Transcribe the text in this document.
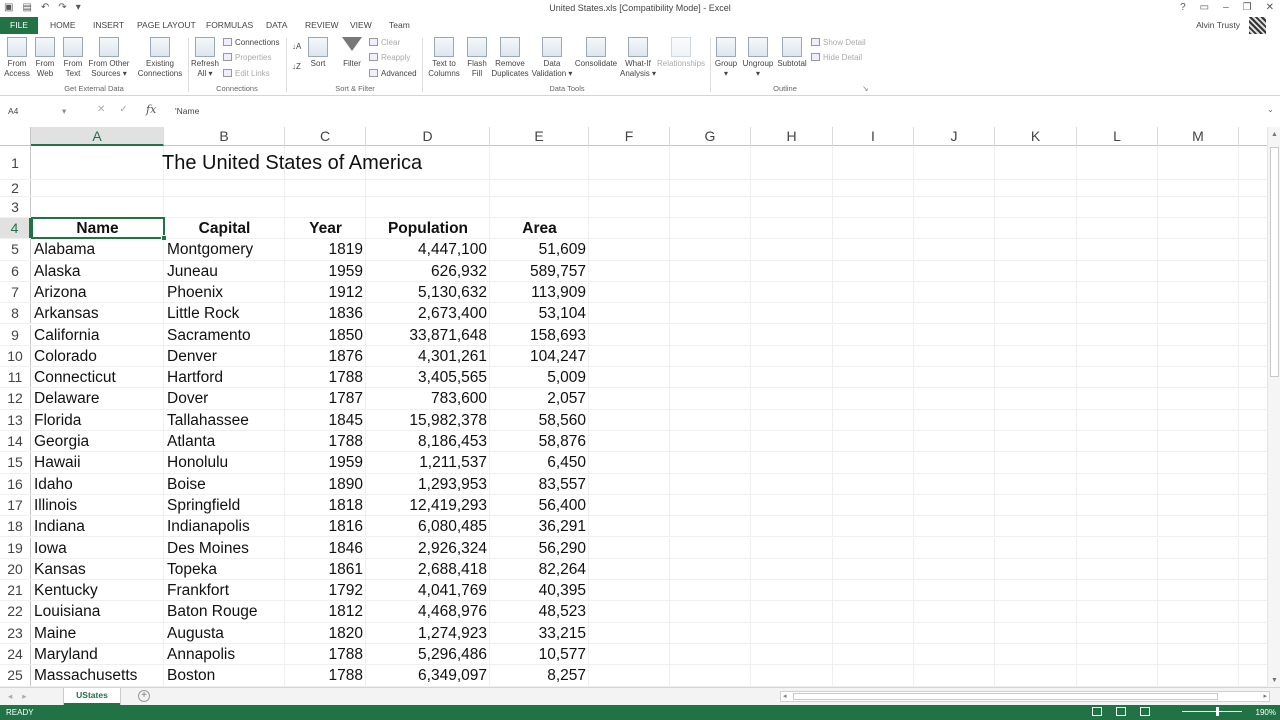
▣ ▤ ↶ ↷ ▾	United States.xls [Compatibility Mode] - Excel	? ▭ – ❐ ✕
FILE	HOME INSERT PAGE LAYOUT FORMULAS DATA REVIEW VIEW Team	Alvin Trusty
From
Access
From
Web
From
Text
From Other
Sources ▾
Existing
Connections
Get External Data
Refresh
All ▾
Connections
Properties
Edit Links
Connections
↓A
↓Z	Sort	Filter
Clear
Reapply
Advanced
Sort & Filter
Text to
Columns
Flash
Fill
Remove
Duplicates
Data
Validation ▾
Consolidate What-If
Analysis ▾
Relationships
Data Tools
Group
▾
Ungroup
▾
Subtotal
Show Detail
Hide Detail
Outline	↘
A4	▾	✕✓ fx 'Name	⌄
A	B	C	D	E	F	G	H	I	J	K	L	M
1	The United States of America
2
3
4	Name	Capital	Year	Population	Area
5 Alabama	Montgomery	1819	4,447,100	51,609
6 Alaska	Juneau	1959	626,932	589,757
7 Arizona	Phoenix	1912	5,130,632	113,909
8 Arkansas	Little Rock	1836	2,673,400	53,104
9 California	Sacramento	1850	33,871,648	158,693
10 Colorado	Denver	1876	4,301,261	104,247
11 Connecticut	Hartford	1788	3,405,565	5,009
12 Delaware	Dover	1787	783,600	2,057
13 Florida	Tallahassee	1845	15,982,378	58,560
14 Georgia	Atlanta	1788	8,186,453	58,876
15 Hawaii	Honolulu	1959	1,211,537	6,450
16 Idaho	Boise	1890	1,293,953	83,557
17 Illinois	Springfield	1818	12,419,293	56,400
18 Indiana	Indianapolis	1816	6,080,485	36,291
19 Iowa	Des Moines	1846	2,926,324	56,290
20 Kansas	Topeka	1861	2,688,418	82,264
21 Kentucky	Frankfort	1792	4,041,769	40,395
22 Louisiana	Baton Rouge	1812	4,468,976	48,523
23 Maine	Augusta	1820	1,274,923	33,215
24 Maryland	Annapolis	1788	5,296,486	10,577
25 Massachusetts	Boston	1788	6,349,097	8,257
▲
▼
◂▸	UStates	+	◂	▸
READY	190%
